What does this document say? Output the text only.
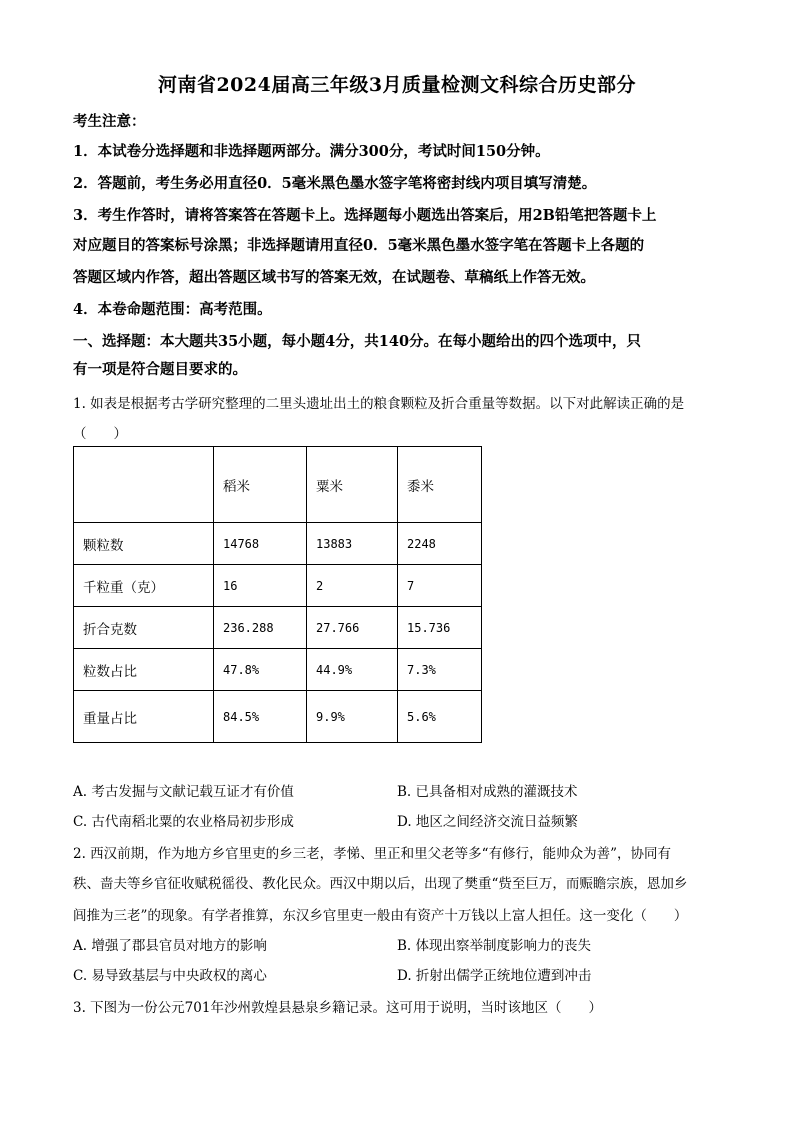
河南省2024届高三年级3月质量检测文科综合历史部分
考生注意：
1．本试卷分选择题和非选择题两部分。满分300分，考试时间150分钟。
2．答题前，考生务必用直径0．5毫米黑色墨水签字笔将密封线内项目填写清楚。
3．考生作答时，请将答案答在答题卡上。选择题每小题选出答案后，用2B铅笔把答题卡上
对应题目的答案标号涂黑；非选择题请用直径0．5毫米黑色墨水签字笔在答题卡上各题的
答题区域内作答，超出答题区域书写的答案无效，在试题卷、草稿纸上作答无效。
4．本卷命题范围：高考范围。
一、选择题：本大题共35小题，每小题4分，共140分。在每小题给出的四个选项中，只
有一项是符合题目要求的。
1. 如表是根据考古学研究整理的二里头遗址出土的粮食颗粒及折合重量等数据。以下对此解读正确的是
（　　）
	稻米	粟米	黍米
颗粒数	14768	13883	2248
千粒重（克）	16	2	7
折合克数	236.288	27.766	15.736
粒数占比	47.8%	44.9%	7.3%
重量占比	84.5%	9.9%	5.6%
A. 考古发掘与文献记载互证才有价值	B. 已具备相对成熟的灌溉技术
C. 古代南稻北粟的农业格局初步形成	D. 地区之间经济交流日益频繁
2. 西汉前期，作为地方乡官里吏的乡三老，孝悌、里正和里父老等多“有修行，能帅众为善”，协同有
秩、啬夫等乡官征收赋税徭役、教化民众。西汉中期以后，出现了樊重“赀至巨万，而赈瞻宗族，恩加乡
闾推为三老”的现象。有学者推算，东汉乡官里吏一般由有资产十万钱以上富人担任。这一变化（　　）
A. 增强了郡县官员对地方的影响	B. 体现出察举制度影响力的丧失
C. 易导致基层与中央政权的离心	D. 折射出儒学正统地位遭到冲击
3. 下图为一份公元701年沙州敦煌县悬泉乡籍记录。这可用于说明，当时该地区（　　）
